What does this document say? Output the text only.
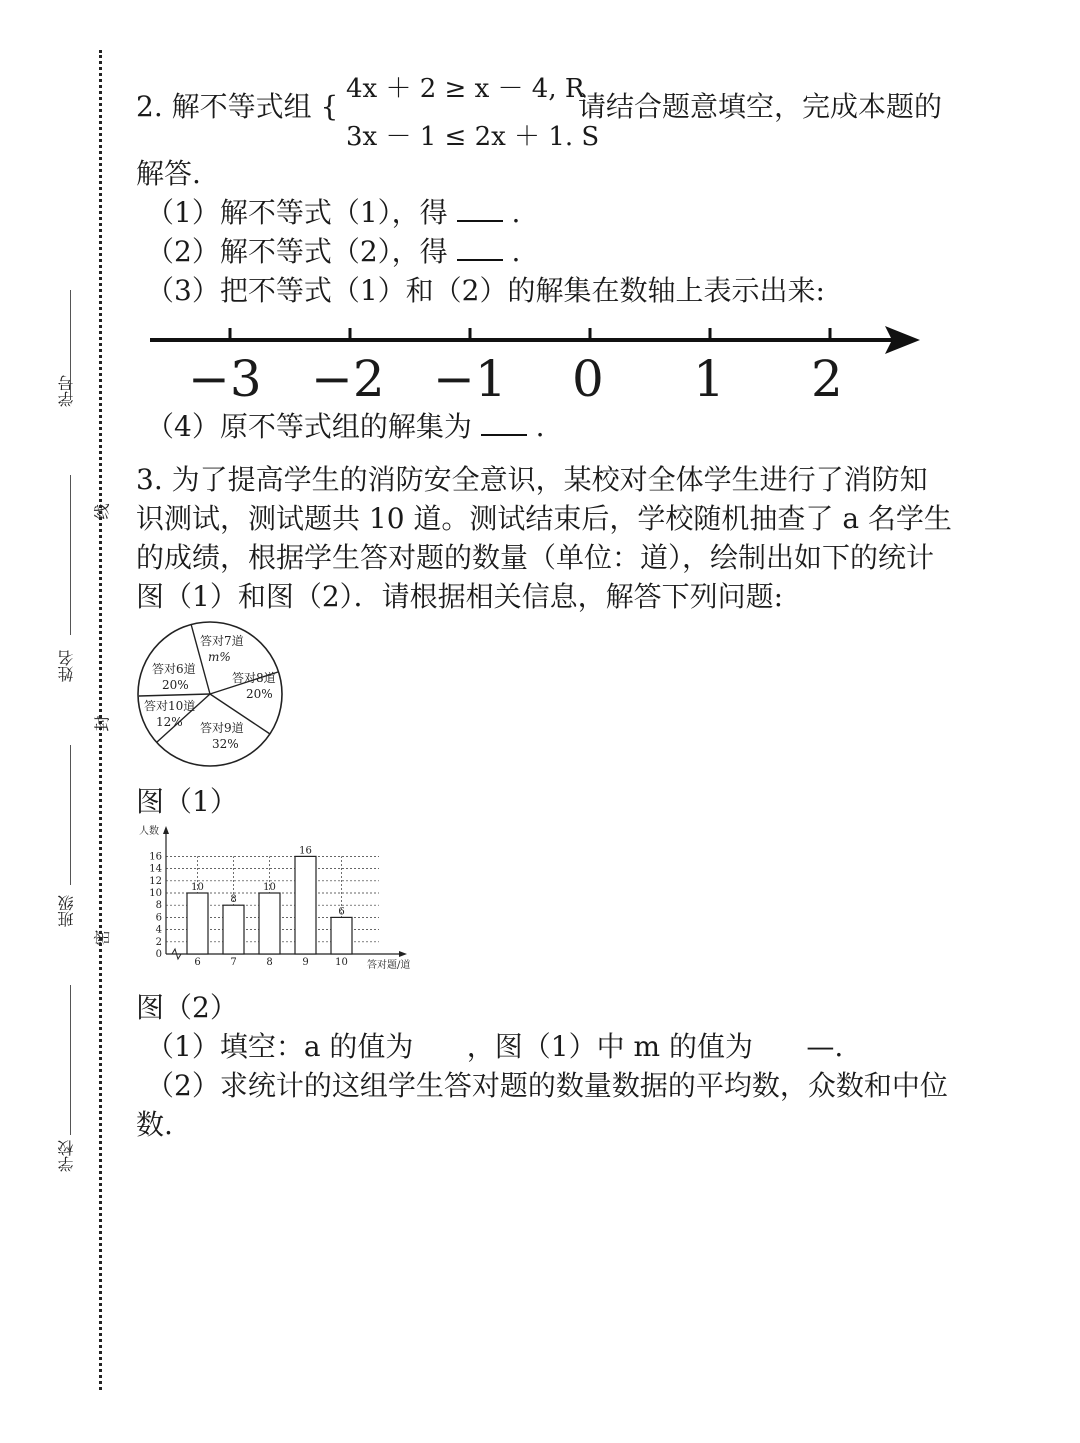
学号
姓名
班级
学校
线
封
密
2. 解不等式组 {
4x ＋ 2 ≥ x － 4, R
3x － 1 ≤ 2x ＋ 1. S
请结合题意填空，完成本题的
解答.
（1）解不等式（1），得 .
（2）解不等式（2），得 .
（3）把不等式（1）和（2）的解集在数轴上表示出来:
−3 −2 −1 0 1 2
（4）原不等式组的解集为 .
3. 为了提高学生的消防安全意识，某校对全体学生进行了消防知
识测试，测试题共 10 道。测试结束后，学校随机抽查了 a 名学生
的成绩，根据学生答对题的数量（单位：道），绘制出如下的统计
图（1）和图（2）．请根据相关信息，解答下列问题:
答对7道
m%
答对8道
20%
答对9道
32%
答对10道
12%
答对6道
20%
图（1）
人数
答对题/道
0
2
4
6
8
10
12
14
16
10
6
8
7
10
8
16
9
6
10
图（2）
（1）填空：a 的值为      ，图（1）中 m 的值为      —.
（2）求统计的这组学生答对题的数量数据的平均数，众数和中位
数.
